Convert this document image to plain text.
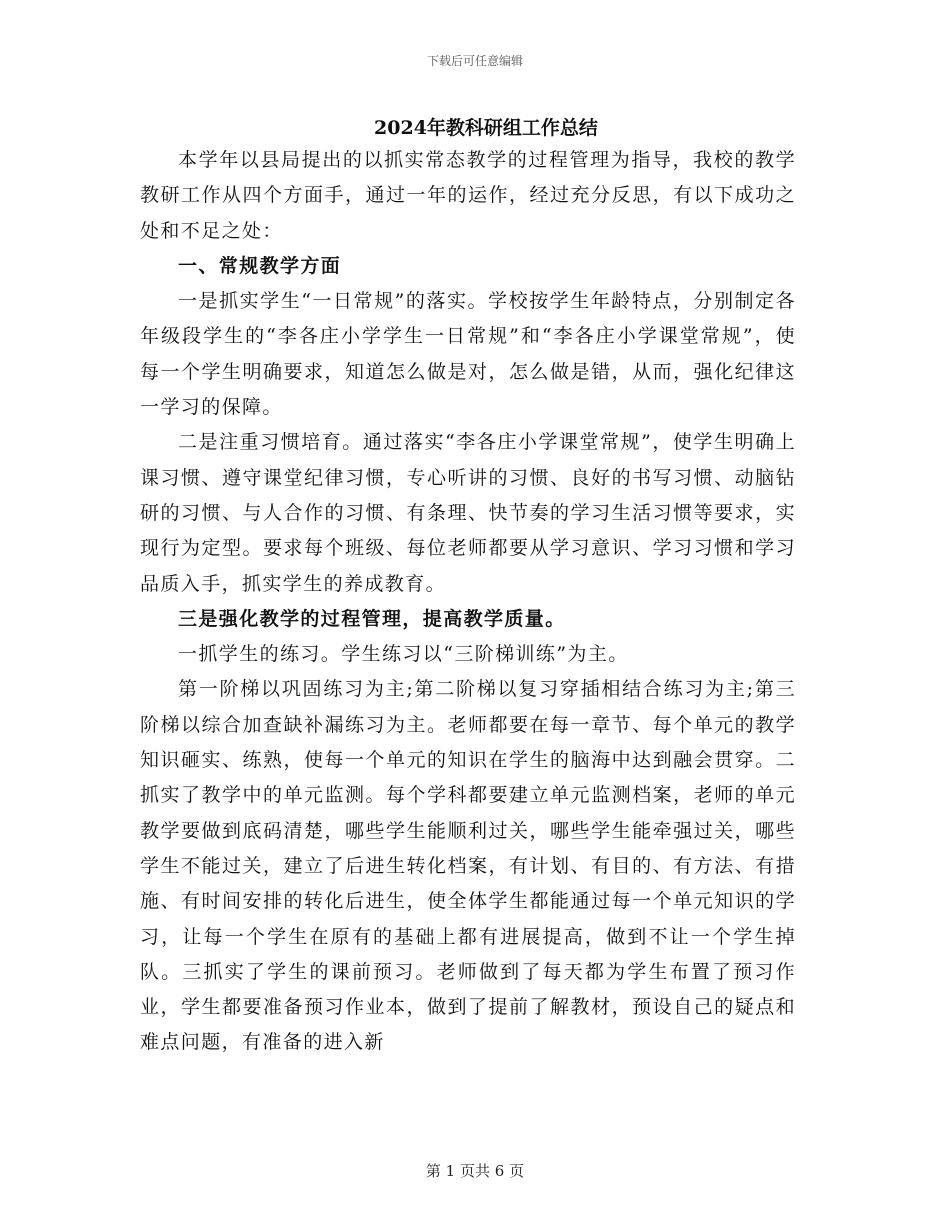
下载后可任意编辑
2024年教科研组工作总结

本学年以县局提出的以抓实常态教学的过程管理为指导，我校的教学教研工作从四个方面手，通过一年的运作，经过充分反思，有以下成功之处和不足之处：

一、常规教学方面

一是抓实学生“一日常规”的落实。学校按学生年龄特点，分别制定各年级段学生的“李各庄小学学生一日常规”和“李各庄小学课堂常规”，使每一个学生明确要求，知道怎么做是对，怎么做是错，从而，强化纪律这一学习的保障。

二是注重习惯培育。通过落实“李各庄小学课堂常规”，使学生明确上课习惯、遵守课堂纪律习惯，专心听讲的习惯、良好的书写习惯、动脑钻研的习惯、与人合作的习惯、有条理、快节奏的学习生活习惯等要求，实现行为定型。要求每个班级、每位老师都要从学习意识、学习习惯和学习品质入手，抓实学生的养成教育。

三是强化教学的过程管理，提高教学质量。

一抓学生的练习。学生练习以“三阶梯训练”为主。

第一阶梯以巩固练习为主;第二阶梯以复习穿插相结合练习为主;第三阶梯以综合加查缺补漏练习为主。老师都要在每一章节、每个单元的教学知识砸实、练熟，使每一个单元的知识在学生的脑海中达到融会贯穿。二抓实了教学中的单元监测。每个学科都要建立单元监测档案，老师的单元教学要做到底码清楚，哪些学生能顺利过关，哪些学生能牵强过关，哪些学生不能过关，建立了后进生转化档案，有计划、有目的、有方法、有措施、有时间安排的转化后进生，使全体学生都能通过每一个单元知识的学习，让每一个学生在原有的基础上都有进展提高，做到不让一个学生掉队。三抓实了学生的课前预习。老师做到了每天都为学生布置了预习作业，学生都要准备预习作业本，做到了提前了解教材，预设自己的疑点和难点问题，有准备的进入新

第 1 页共 6 页
